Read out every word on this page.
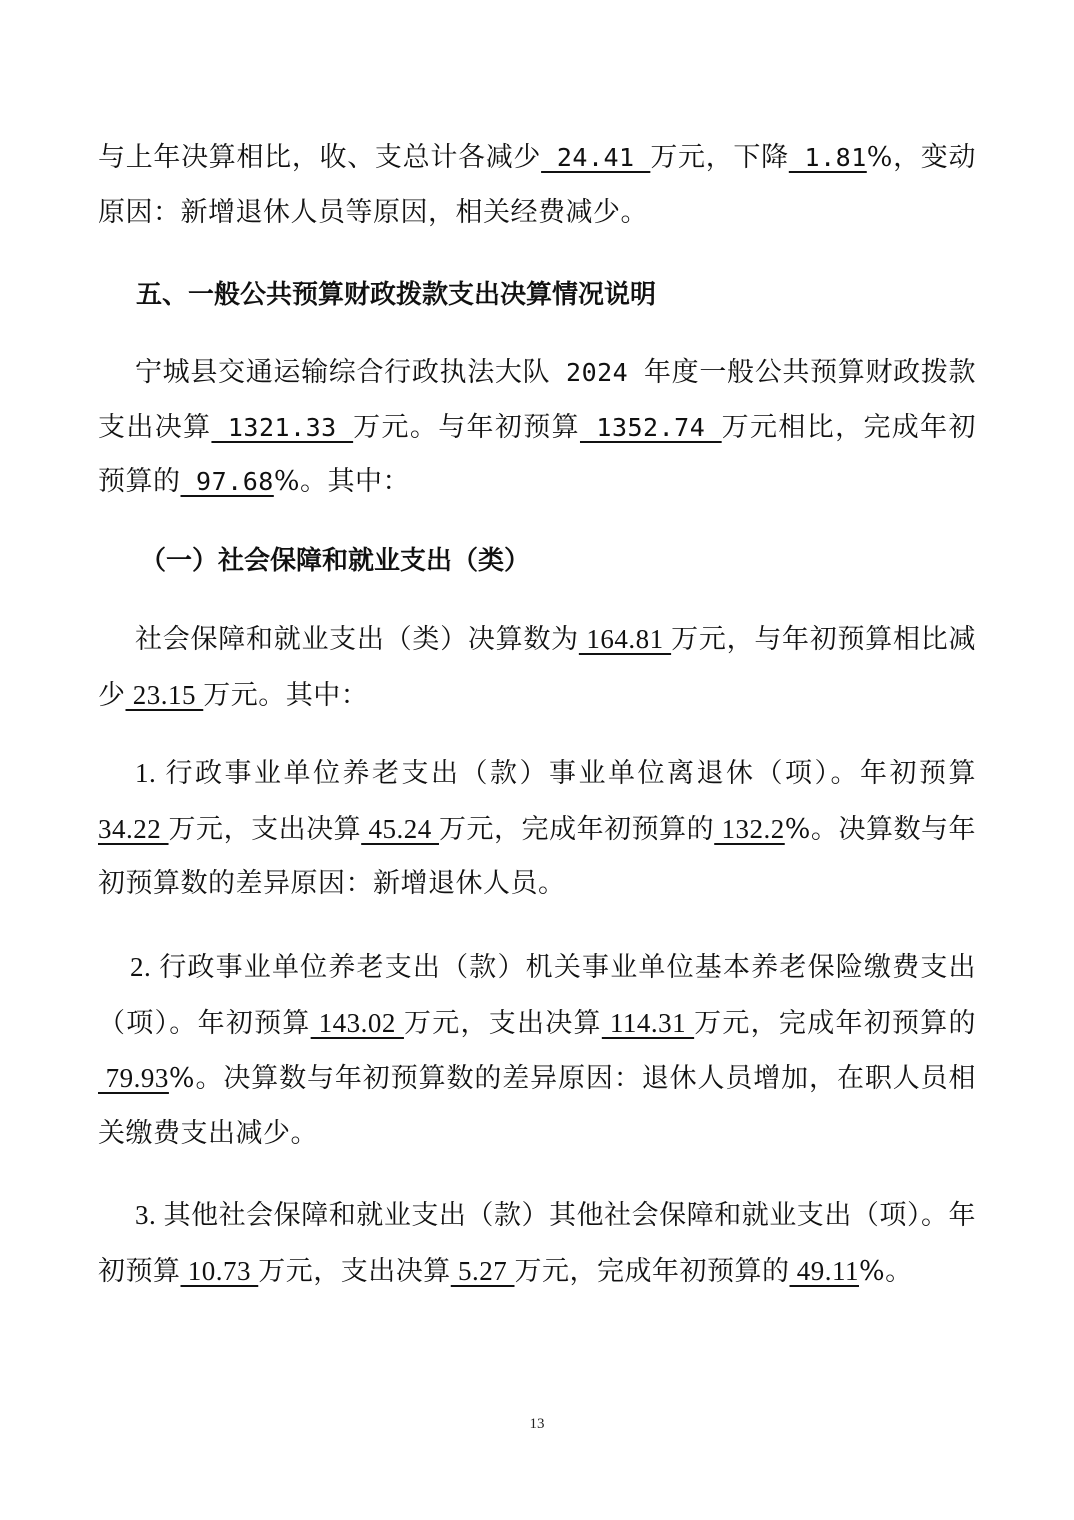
与上年决算相比，收、支总计各减少 24.41 万元，下降 1.81%，变动原因：新增退休人员等原因，相关经费减少。

五、一般公共预算财政拨款支出决算情况说明

宁城县交通运输综合行政执法大队 2024 年度一般公共预算财政拨款支出决算 1321.33 万元。与年初预算 1352.74 万元相比，完成年初预算的 97.68%。其中：

（一）社会保障和就业支出（类）

社会保障和就业支出（类）决算数为 164.81 万元，与年初预算相比减少 23.15 万元。其中：

1. 行政事业单位养老支出（款）事业单位离退休（项）。年初预算34.22 万元，支出决算 45.24 万元，完成年初预算的 132.2%。决算数与年初预算数的差异原因：新增退休人员。

2. 行政事业单位养老支出（款）机关事业单位基本养老保险缴费支出（项）。年初预算 143.02 万元，支出决算 114.31 万元，完成年初预算的 79.93%。决算数与年初预算数的差异原因：退休人员增加，在职人员相关缴费支出减少。

3. 其他社会保障和就业支出（款）其他社会保障和就业支出（项）。年初预算 10.73 万元，支出决算 5.27 万元，完成年初预算的 49.11%。

13
